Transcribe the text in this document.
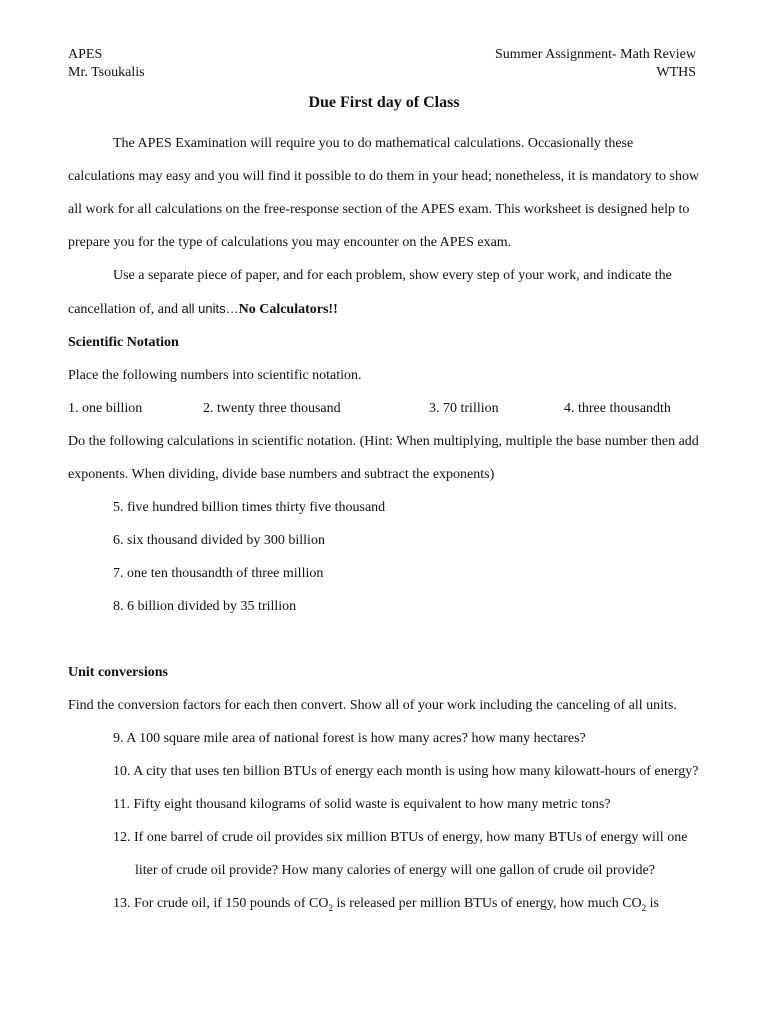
APES
Mr. Tsoukalis
Summer Assignment- Math Review
WTHS
Due First day of Class

The APES Examination will require you to do mathematical calculations. Occasionally these calculations may easy and you will find it possible to do them in your head; nonetheless, it is mandatory to show all work for all calculations on the free-response section of the APES exam. This worksheet is designed help to prepare you for the type of calculations you may encounter on the APES exam.

Use a separate piece of paper, and for each problem, show every step of your work, and indicate the cancellation of, and all units…No Calculators!!

Scientific Notation
Place the following numbers into scientific notation.
1. one billion	2. twenty three thousand	3. 70 trillion	4. three thousandth

Do the following calculations in scientific notation. (Hint: When multiplying, multiple the base number then add exponents. When dividing, divide base numbers and subtract the exponents)

5. five hundred billion times thirty five thousand
6. six thousand divided by 300 billion
7. one ten thousandth of three million
8. 6 billion divided by 35 trillion
Unit conversions
Find the conversion factors for each then convert. Show all of your work including the canceling of all units.
9. A 100 square mile area of national forest is how many acres? how many hectares?
10. A city that uses ten billion BTUs of energy each month is using how many kilowatt-hours of energy?
11. Fifty eight thousand kilograms of solid waste is equivalent to how many metric tons?
12. If one barrel of crude oil provides six million BTUs of energy, how many BTUs of energy will one
liter of crude oil provide? How many calories of energy will one gallon of crude oil provide?
13. For crude oil, if 150 pounds of $CO_2$ is released per million BTUs of energy, how much $CO_2$ is
